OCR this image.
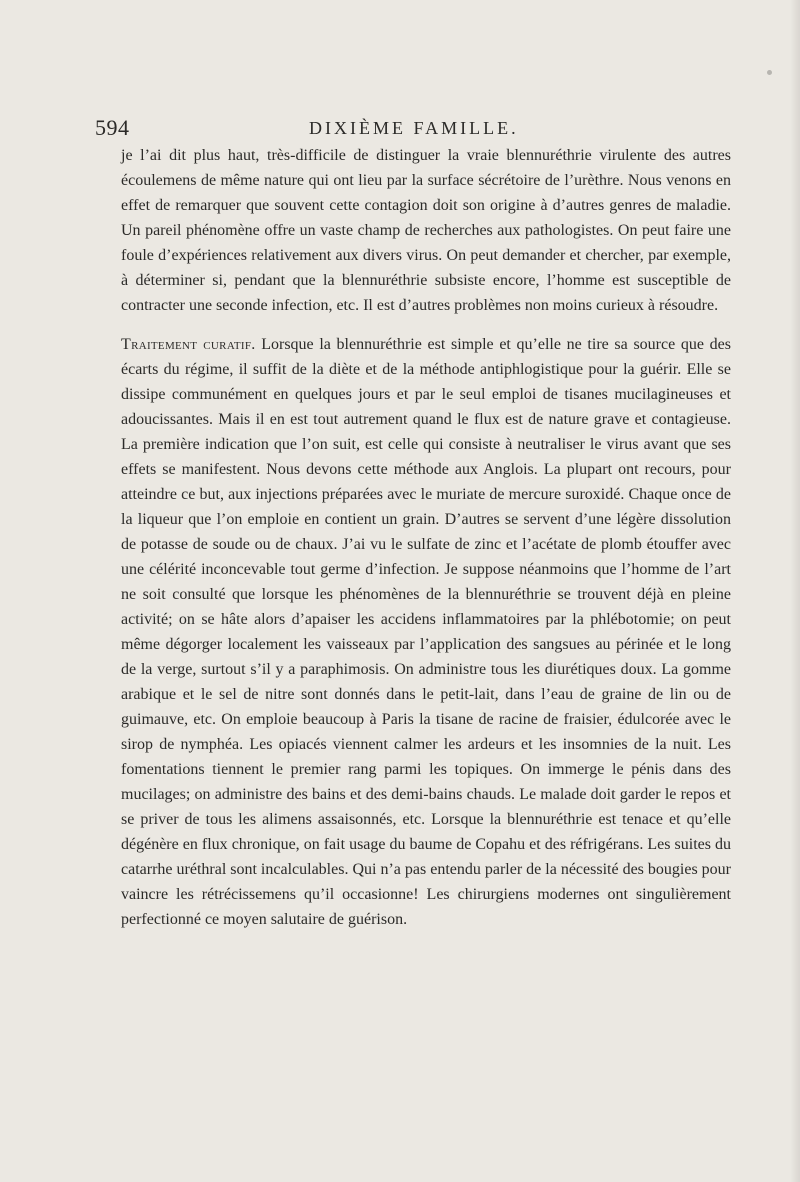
594	DIXIÈME FAMILLE.

je l’ai dit plus haut, très-difficile de distinguer la vraie blennuréthrie virulente des autres écoulemens de même nature qui ont lieu par la surface sécrétoire de l’urèthre. Nous venons en effet de remarquer que souvent cette contagion doit son origine à d’autres genres de maladie. Un pareil phénomène offre un vaste champ de recherches aux pathologistes. On peut faire une foule d’expériences relativement aux divers virus. On peut demander et chercher, par exemple, à déterminer si, pendant que la blennuréthrie subsiste encore, l’homme est susceptible de contracter une seconde infection, etc. Il est d’autres problèmes non moins curieux à résoudre.

Traitement curatif. Lorsque la blennuréthrie est simple et qu’elle ne tire sa source que des écarts du régime, il suffit de la diète et de la méthode antiphlogistique pour la guérir. Elle se dissipe communément en quelques jours et par le seul emploi de tisanes mucilagineuses et adoucissantes. Mais il en est tout autrement quand le flux est de nature grave et contagieuse. La première indication que l’on suit, est celle qui consiste à neutraliser le virus avant que ses effets se manifestent. Nous devons cette méthode aux Anglois. La plupart ont recours, pour atteindre ce but, aux injections préparées avec le muriate de mercure suroxidé. Chaque once de la liqueur que l’on emploie en contient un grain. D’autres se servent d’une légère dissolution de potasse de soude ou de chaux. J’ai vu le sulfate de zinc et l’acétate de plomb étouffer avec une célérité inconcevable tout germe d’infection. Je suppose néanmoins que l’homme de l’art ne soit consulté que lorsque les phénomènes de la blennuréthrie se trouvent déjà en pleine activité; on se hâte alors d’apaiser les accidens inflammatoires par la phlébotomie; on peut même dégorger localement les vaisseaux par l’application des sangsues au périnée et le long de la verge, surtout s’il y a paraphimosis. On administre tous les diurétiques doux. La gomme arabique et le sel de nitre sont donnés dans le petit-lait, dans l’eau de graine de lin ou de guimauve, etc. On emploie beaucoup à Paris la tisane de racine de fraisier, édulcorée avec le sirop de nymphéa. Les opiacés viennent calmer les ardeurs et les insomnies de la nuit. Les fomentations tiennent le premier rang parmi les topiques. On immerge le pénis dans des mucilages; on administre des bains et des demi-bains chauds. Le malade doit garder le repos et se priver de tous les alimens assaisonnés, etc. Lorsque la blennuréthrie est tenace et qu’elle dégénère en flux chronique, on fait usage du baume de Copahu et des réfrigérans. Les suites du catarrhe uréthral sont incalculables. Qui n’a pas entendu parler de la nécessité des bougies pour vaincre les rétrécissemens qu’il occasionne! Les chirurgiens modernes ont singulièrement perfectionné ce moyen salutaire de guérison.
